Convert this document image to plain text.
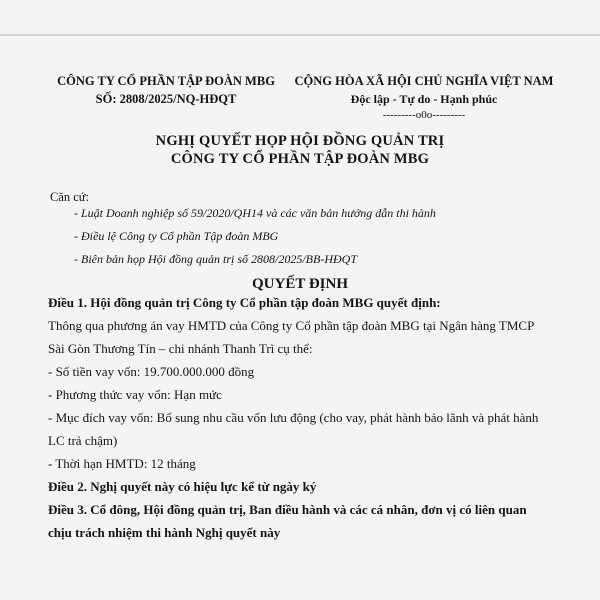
CÔNG TY CỔ PHẦN TẬP ĐOÀN MBG
SỐ: 2808/2025/NQ-HĐQT
CỘNG HÒA XÃ HỘI CHỦ NGHĨA VIỆT NAM
Độc lập - Tự do - Hạnh phúc
---------o0o---------
NGHỊ QUYẾT HỌP HỘI ĐỒNG QUẢN TRỊ
CÔNG TY CỔ PHẦN TẬP ĐOÀN MBG
Căn cứ:
- Luật Doanh nghiệp số 59/2020/QH14 và các văn bản hướng dẫn thi hành
- Điều lệ Công ty Cổ phần Tập đoàn MBG
- Biên bản họp Hội đồng quản trị số 2808/2025/BB-HĐQT
QUYẾT ĐỊNH

Điều 1. Hội đồng quản trị Công ty Cổ phần tập đoàn MBG quyết định:

Thông qua phương án vay HMTD của Công ty Cổ phần tập đoàn MBG tại Ngân hàng TMCP

Sài Gòn Thương Tín – chi nhánh Thanh Trì cụ thể:

- Số tiền vay vốn: 19.700.000.000 đồng

- Phương thức vay vốn: Hạn mức

- Mục đích vay vốn: Bổ sung nhu cầu vốn lưu động (cho vay, phát hành bảo lãnh và phát hành

LC trả chậm)

- Thời hạn HMTD: 12 tháng

Điều 2. Nghị quyết này có hiệu lực kể từ ngày ký

Điều 3. Cổ đông, Hội đồng quản trị, Ban điều hành và các cá nhân, đơn vị có liên quan

chịu trách nhiệm thi hành Nghị quyết này
